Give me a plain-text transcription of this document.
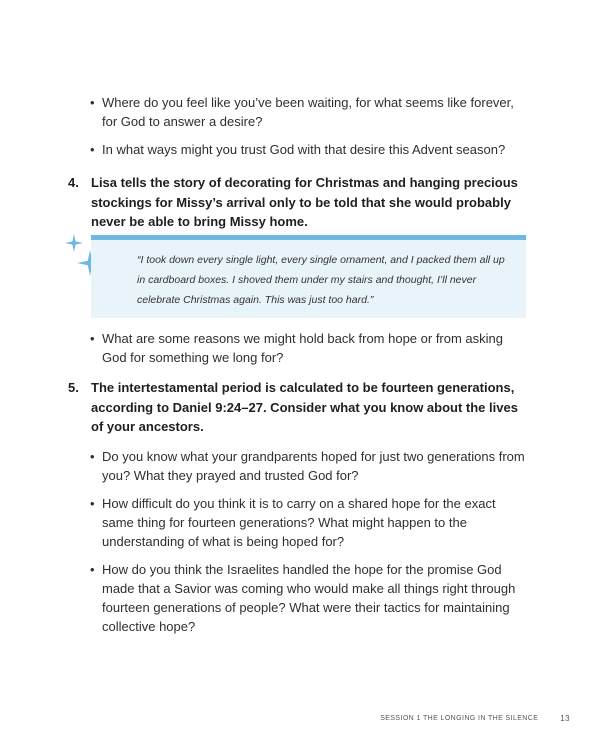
• Where do you feel like you’ve been waiting, for what seems like forever, for God to answer a desire?
• In what ways might you trust God with that desire this Advent season?
4. Lisa tells the story of decorating for Christmas and hanging precious stockings for Missy’s arrival only to be told that she would probably never be able to bring Missy home.
“I took down every single light, every single ornament, and I packed them all up in cardboard boxes. I shoved them under my stairs and thought, I’ll never celebrate Christmas again. This was just too hard.”
• What are some reasons we might hold back from hope or from asking God for something we long for?
5. The intertestamental period is calculated to be fourteen generations, according to Daniel 9:24–27. Consider what you know about the lives of your ancestors.
• Do you know what your grandparents hoped for just two generations from you? What they prayed and trusted God for?
• How difficult do you think it is to carry on a shared hope for the exact same thing for fourteen generations? What might happen to the understanding of what is being hoped for?
• How do you think the Israelites handled the hope for the promise God made that a Savior was coming who would make all things right through fourteen generations of people? What were their tactics for maintaining collective hope?
SESSION 1 THE LONGING IN THE SILENCE	13
